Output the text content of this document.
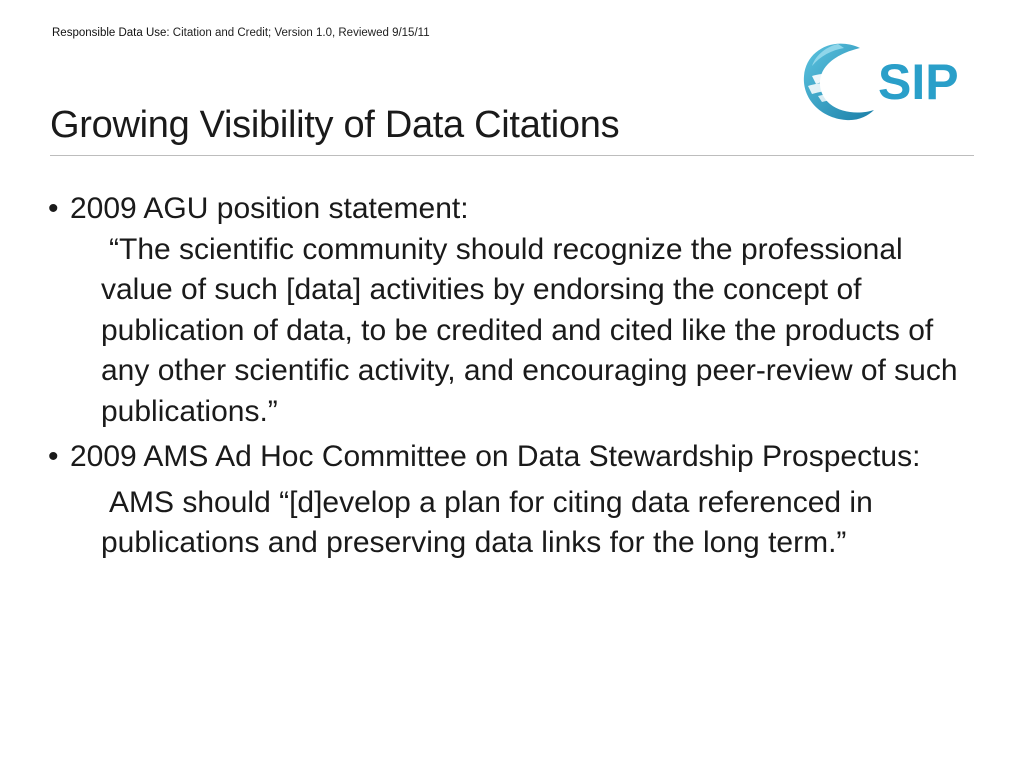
Responsible Data Use: Citation and Credit; Version 1.0, Reviewed 9/15/11
SIP
Growing Visibility of Data Citations
• 2009 AGU position statement:
“The scientific community should recognize the professional value of such [data] activities by endorsing the concept of publication of data, to be credited and cited like the products of any other scientific activity, and encouraging peer-review of such publications.”
• 2009 AMS Ad Hoc Committee on Data Stewardship Prospectus:
AMS should “[d]evelop a plan for citing data referenced in publications and preserving data links for the long term.”
